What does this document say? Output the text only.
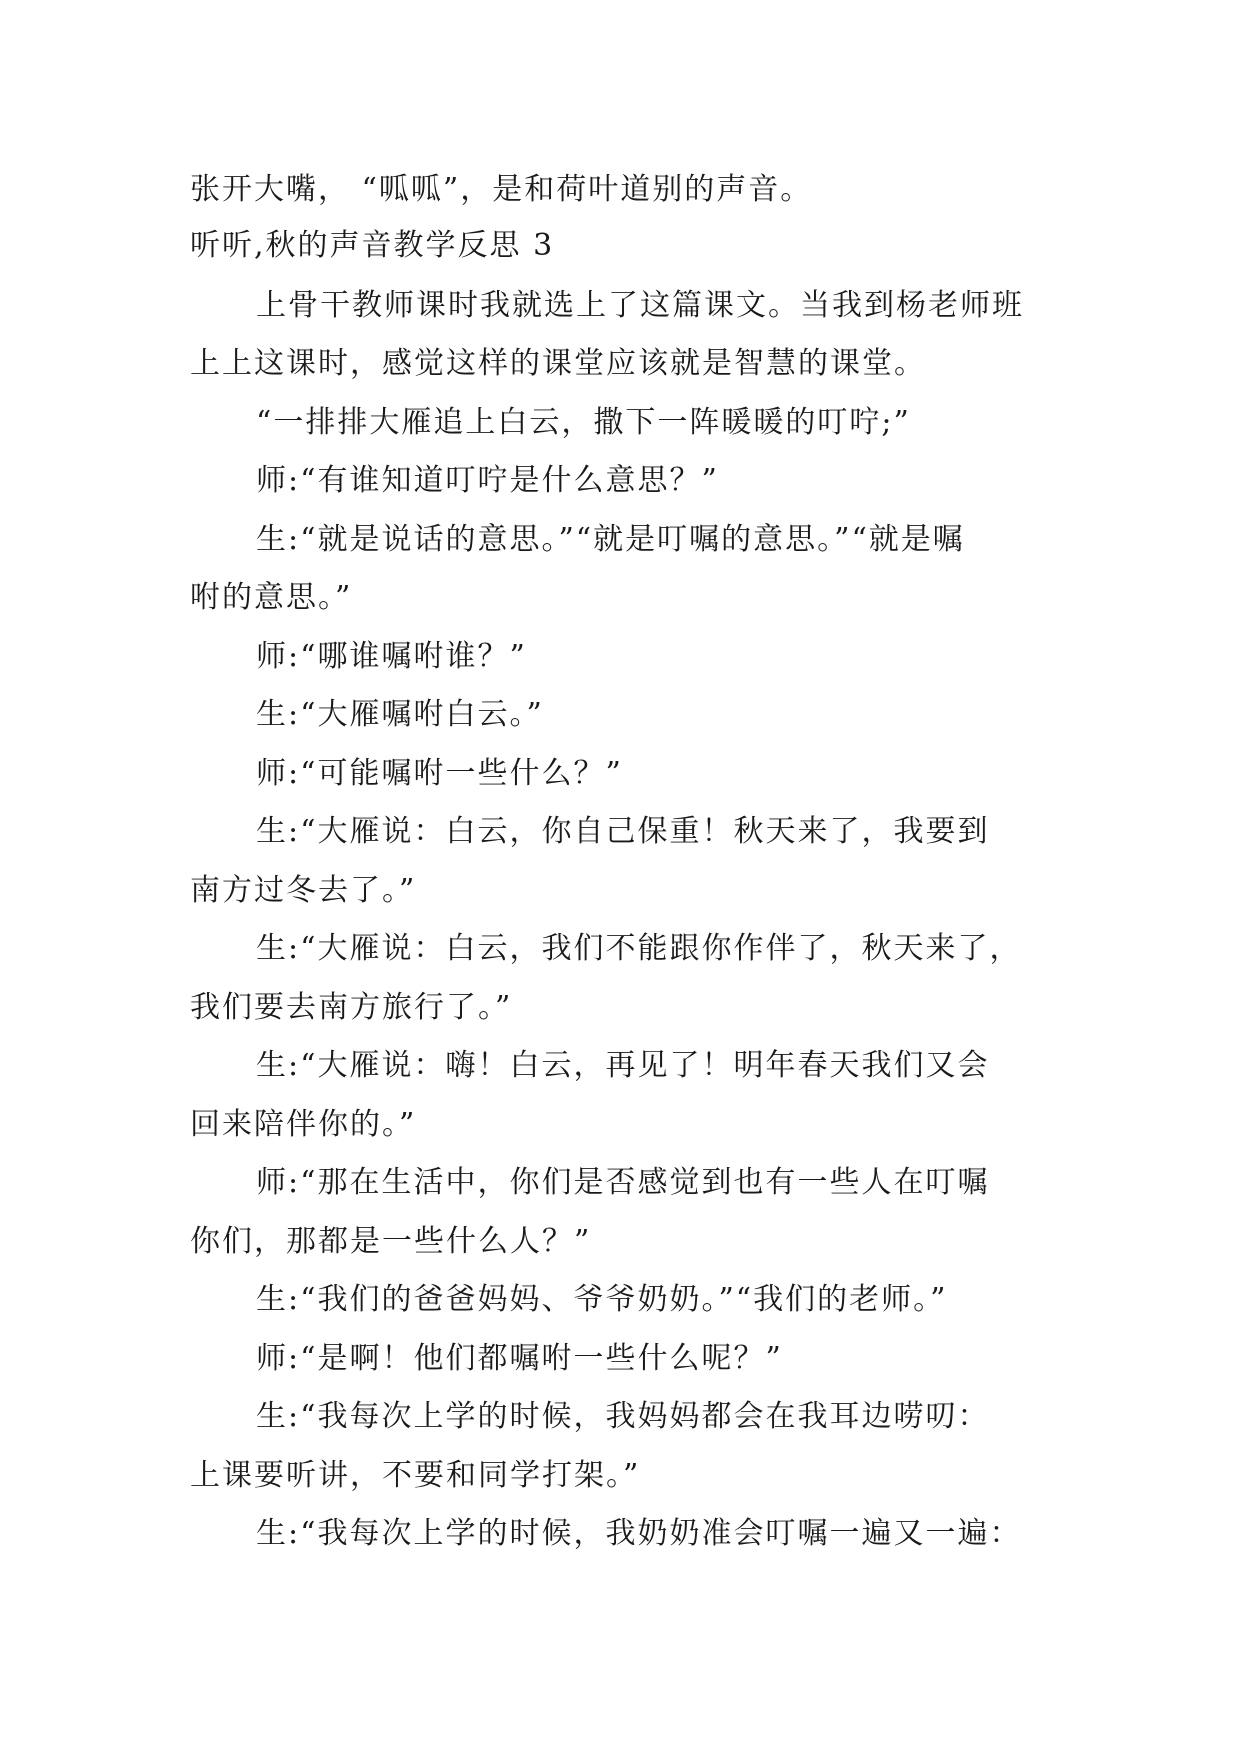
张开大嘴， “呱呱”，是和荷叶道别的声音。
听听,秋的声音教学反思 3
上骨干教师课时我就选上了这篇课文。当我到杨老师班
上上这课时，感觉这样的课堂应该就是智慧的课堂。
“一排排大雁追上白云，撒下一阵暖暖的叮咛;”
师:“有谁知道叮咛是什么意思？”
生:“就是说话的意思。”“就是叮嘱的意思。”“就是嘱
咐的意思。”
师:“哪谁嘱咐谁？”
生:“大雁嘱咐白云。”
师:“可能嘱咐一些什么？”
生:“大雁说：白云，你自己保重！秋天来了，我要到
南方过冬去了。”
生:“大雁说：白云，我们不能跟你作伴了，秋天来了，
我们要去南方旅行了。”
生:“大雁说：嗨！白云，再见了！明年春天我们又会
回来陪伴你的。”
师:“那在生活中，你们是否感觉到也有一些人在叮嘱
你们，那都是一些什么人？”
生:“我们的爸爸妈妈、爷爷奶奶。”“我们的老师。”
师:“是啊！他们都嘱咐一些什么呢？”
生:“我每次上学的时候，我妈妈都会在我耳边唠叨：
上课要听讲，不要和同学打架。”
生:“我每次上学的时候，我奶奶准会叮嘱一遍又一遍：
